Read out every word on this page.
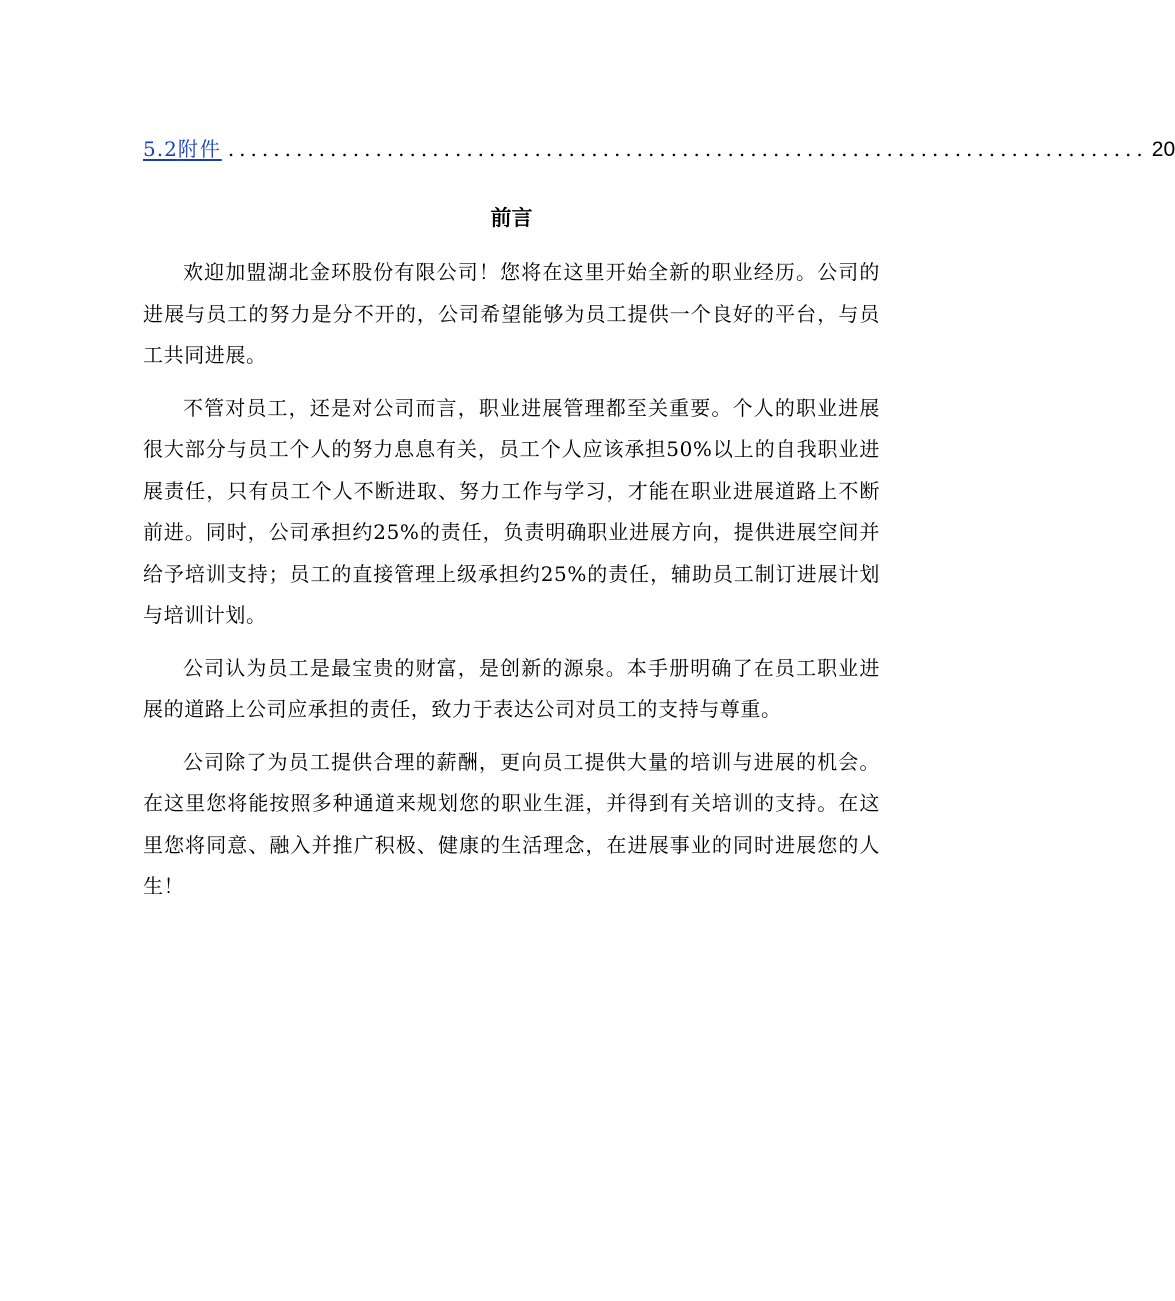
5.2 附件 ................................................................................. 20
前言

欢迎加盟湖北金环股份有限公司！您将在这里开始全新的职业经历。公司的进展与员工的努力是分不开的，公司希望能够为员工提供一个良好的平台，与员工共同进展。

不管对员工，还是对公司而言，职业进展管理都至关重要。个人的职业进展很大部分与员工个人的努力息息有关，员工个人应该承担50%以上的自我职业进展责任，只有员工个人不断进取、努力工作与学习，才能在职业进展道路上不断前进。同时，公司承担约25%的责任，负责明确职业进展方向，提供进展空间并给予培训支持；员工的直接管理上级承担约25%的责任，辅助员工制订进展计划与培训计划。

公司认为员工是最宝贵的财富，是创新的源泉。本手册明确了在员工职业进展的道路上公司应承担的责任，致力于表达公司对员工的支持与尊重。

公司除了为员工提供合理的薪酬，更向员工提供大量的培训与进展的机会。在这里您将能按照多种通道来规划您的职业生涯，并得到有关培训的支持。在这里您将同意、融入并推广积极、健康的生活理念，在进展事业的同时进展您的人生！
